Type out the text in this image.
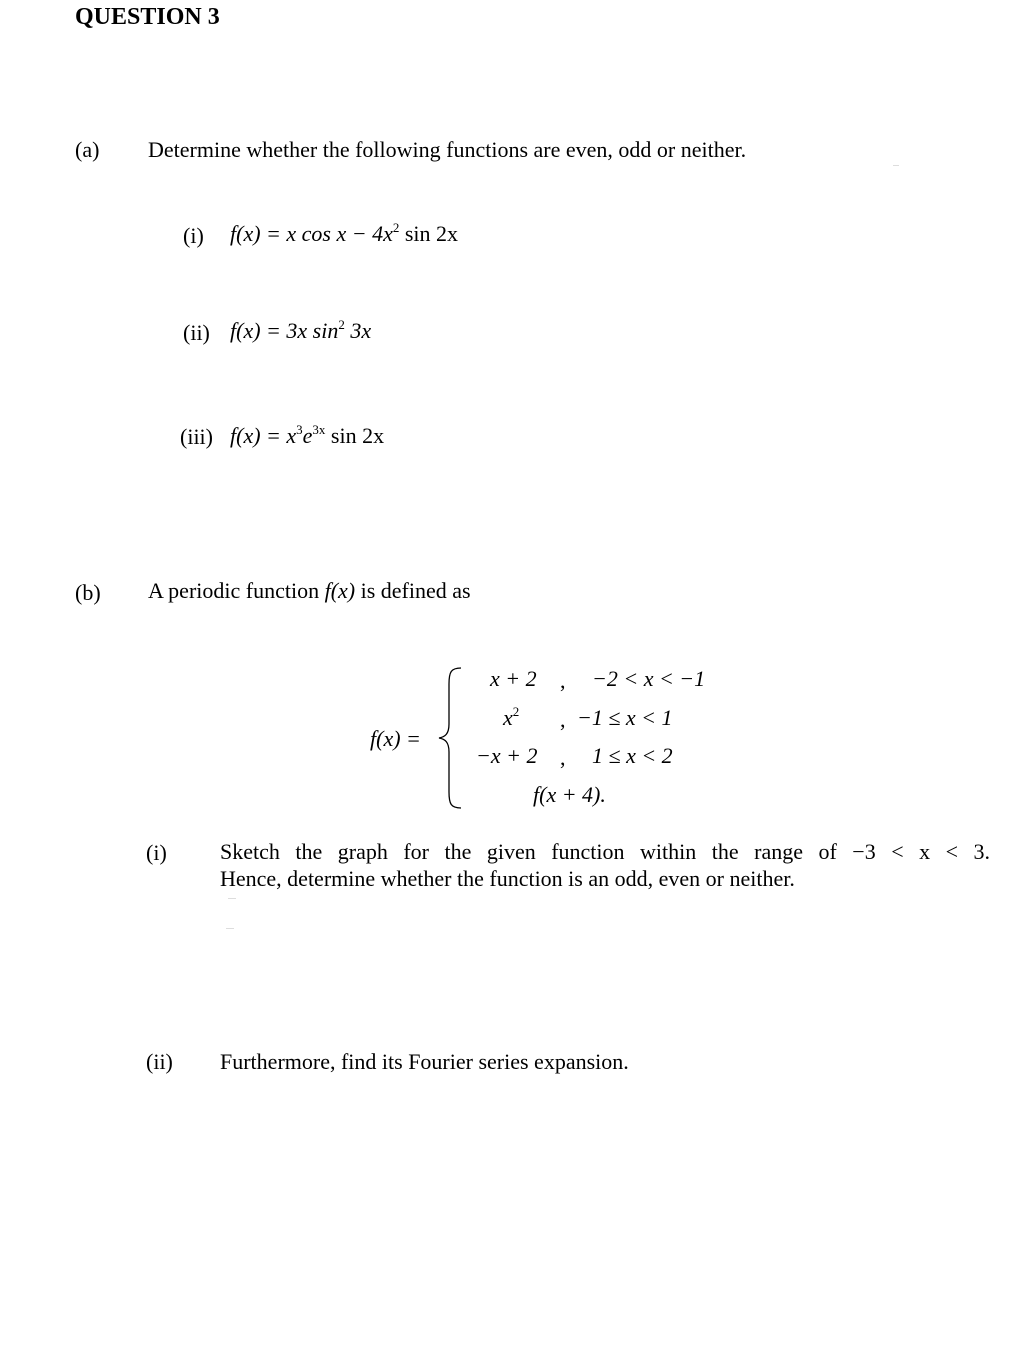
QUESTION 3
(a) Determine whether the following functions are even, odd or neither.
(i) f(x) = x $\cos x - 4x^2$ sin 2x
(ii) f(x) = 3x $\sin^2 3x$
(iii) $f(x) = x^3e^{3x}$ sin 2x
(b) A periodic function f(x) is defined as
f(x) =
x + 2 , −2 < x < −1
$x^2$ , −1 ≤ x < 1
−x + 2 , 1 ≤ x < 2
f(x + 4).
(i) Sketch the graph for the given function within the range of −3 < x < 3.
Hence, determine whether the function is an odd, even or neither.
(ii) Furthermore, find its Fourier series expansion.
